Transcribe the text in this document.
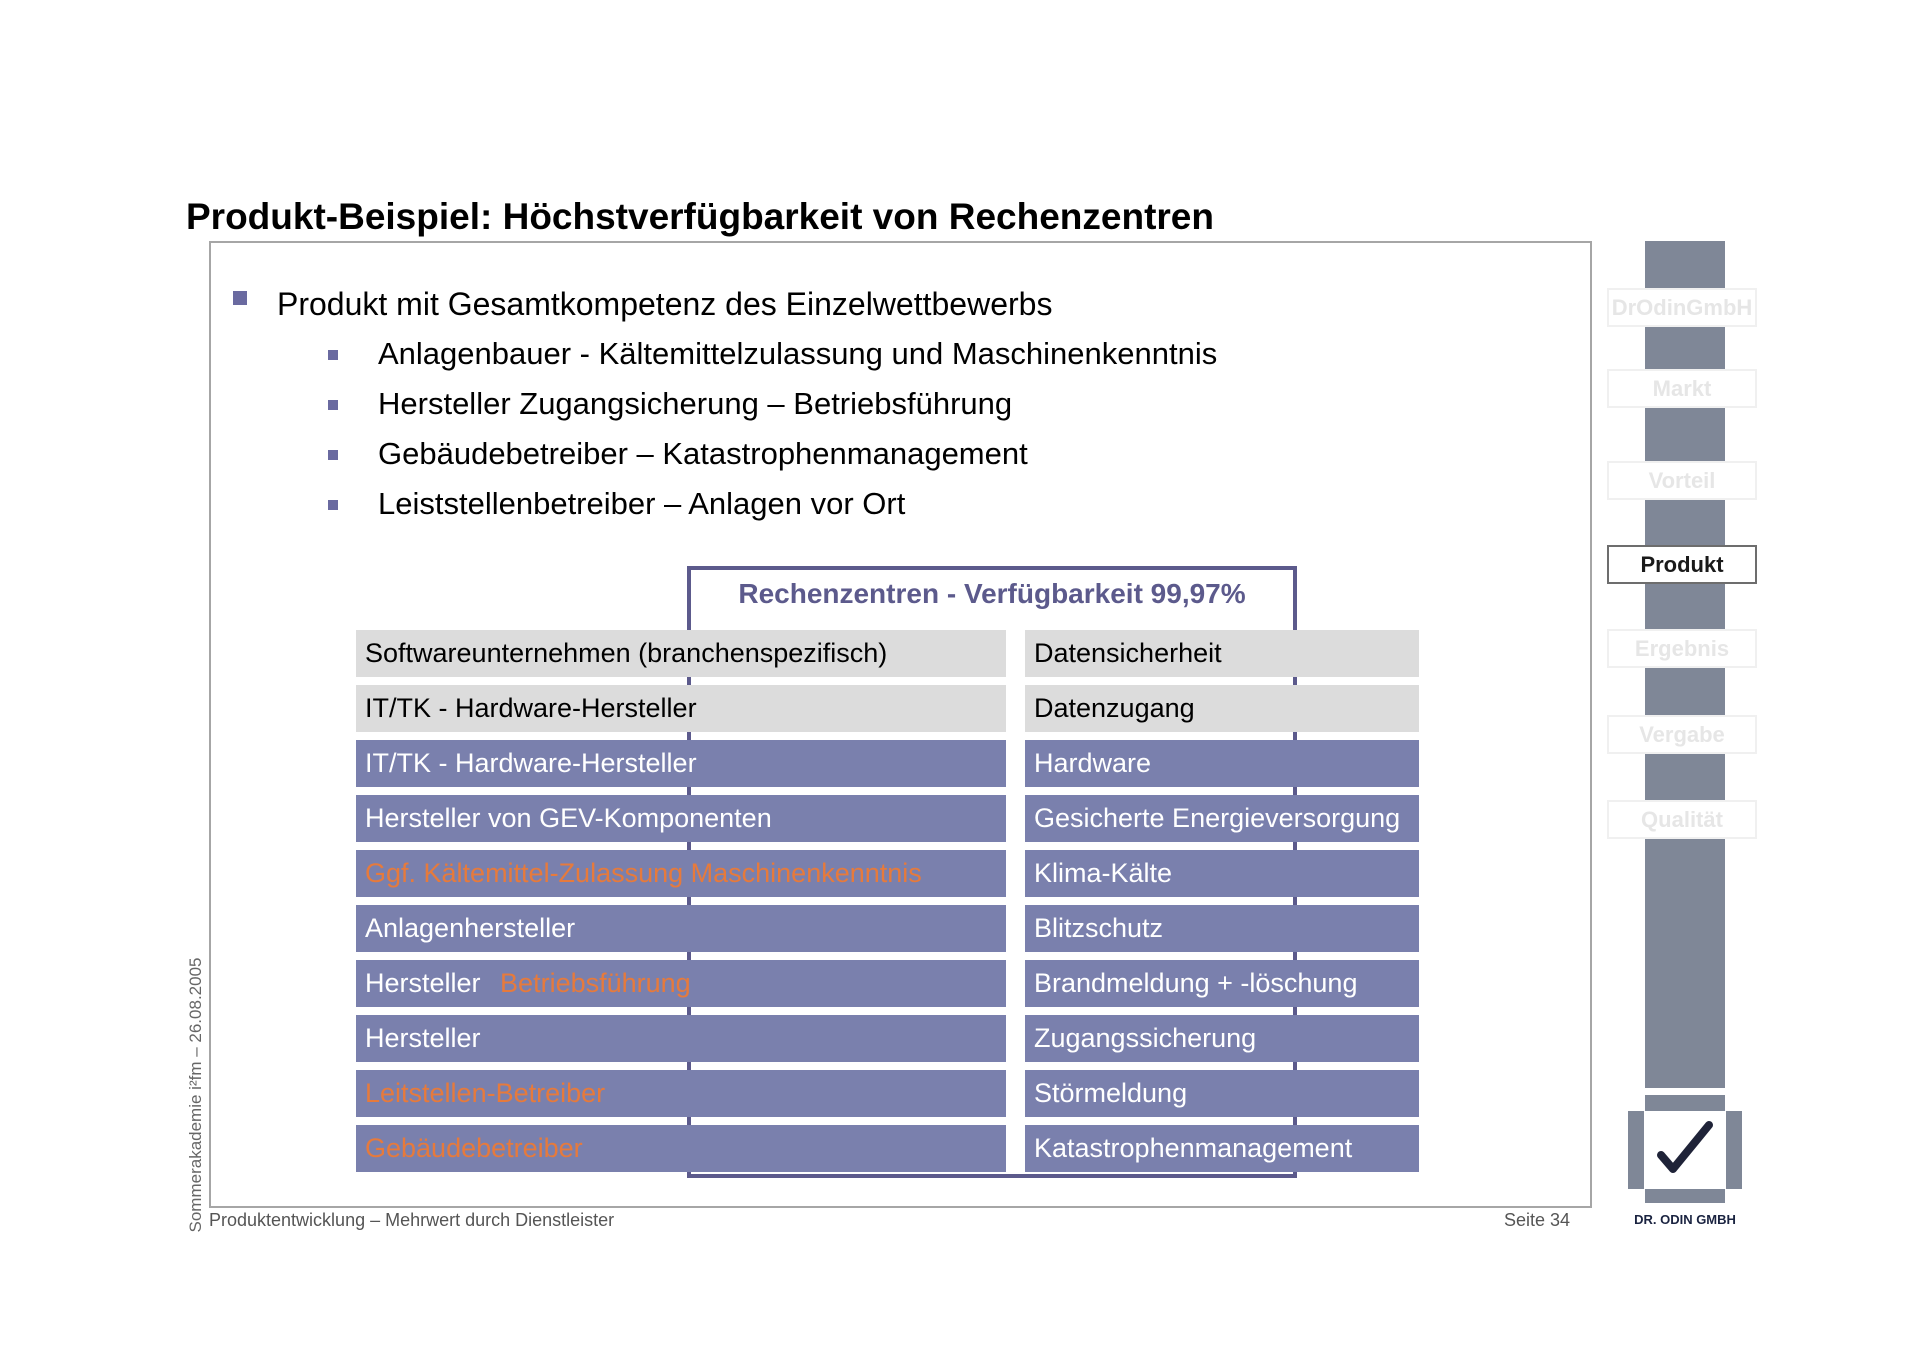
Produkt-Beispiel: Höchstverfügbarkeit von Rechenzentren
Produkt mit Gesamtkompetenz des Einzelwettbewerbs
Anlagenbauer - Kältemittelzulassung und Maschinenkenntnis
Hersteller Zugangsicherung – Betriebsführung
Gebäudebetreiber – Katastrophenmanagement
Leiststellenbetreiber – Anlagen vor Ort
Rechenzentren - Verfügbarkeit 99,97%
Softwareunternehmen (branchenspezifisch)
IT/TK - Hardware-Hersteller
IT/TK - Hardware-Hersteller
Hersteller von GEV-Komponenten
Ggf. Kältemittel-Zulassung Maschinenkenntnis
Anlagenhersteller
Hersteller Betriebsführung
Hersteller
Leitstellen-Betreiber
Gebäudebetreiber
Datensicherheit
Datenzugang
Hardware
Gesicherte Energieversorgung
Klima-Kälte
Blitzschutz
Brandmeldung + -löschung
Zugangssicherung
Störmeldung
Katastrophenmanagement
DrOdinGmbH
Markt
Vorteil
Produkt
Ergebnis
Vergabe
Qualität
DR. ODIN GMBH
Sommerakademie i²fm – 26.08.2005 Produktentwicklung – Mehrwert durch Dienstleister	Seite 34
